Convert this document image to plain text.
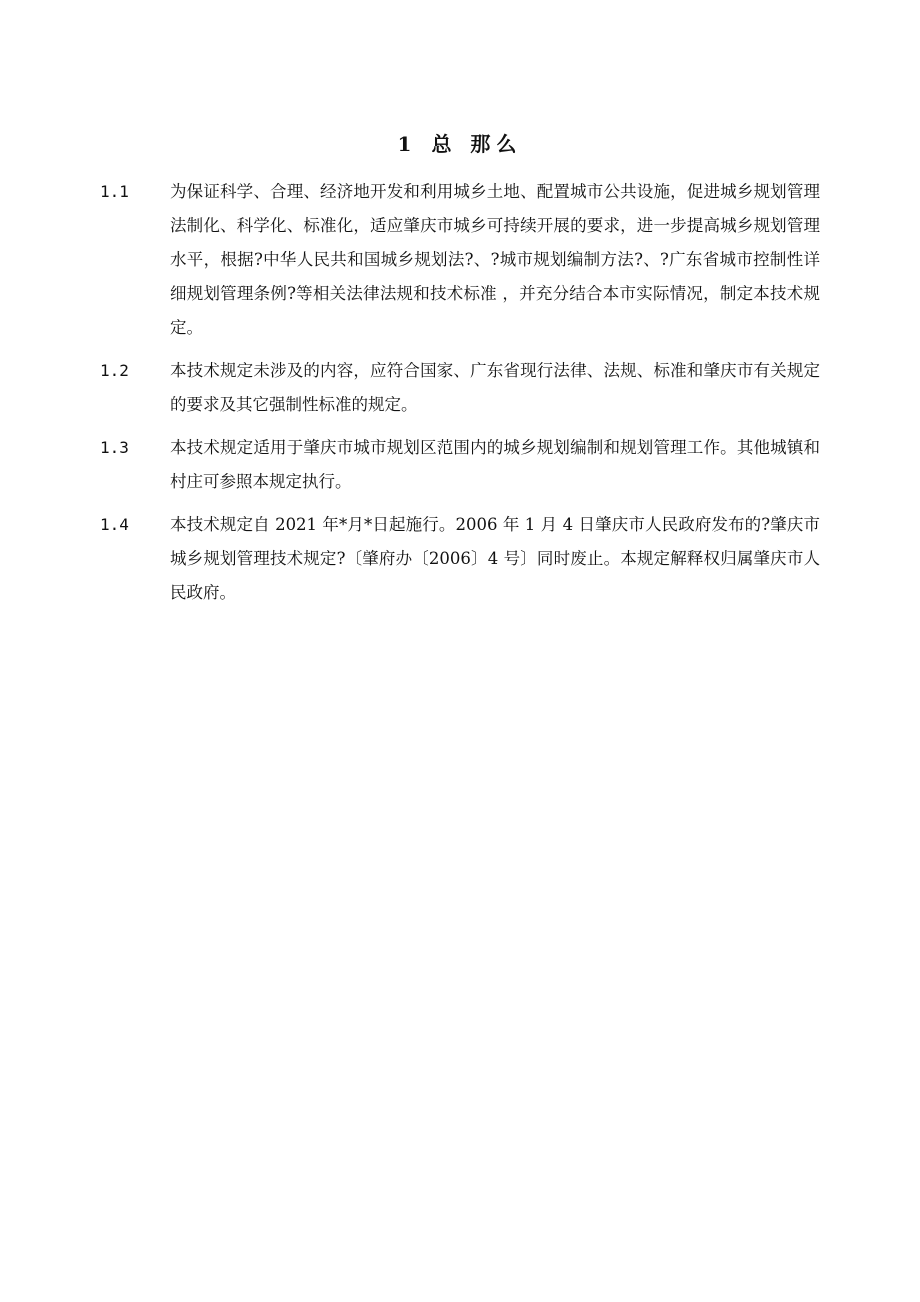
1 总 那么
1.1	为保证科学、合理、经济地开发和利用城乡土地、配置城市公共设施，促进城乡规划管理法制化、科学化、标准化，适应肇庆市城乡可持续开展的要求，进一步提高城乡规划管理水平，根据?中华人民共和国城乡规划法?、?城市规划编制方法?、?广东省城市控制性详细规划管理条例?等相关法律法规和技术标准 ，并充分结合本市实际情况，制定本技术规定。
1.2	本技术规定未涉及的内容，应符合国家、广东省现行法律、法规、标准和肇庆市有关规定的要求及其它强制性标准的规定。
1.3	本技术规定适用于肇庆市城市规划区范围内的城乡规划编制和规划管理工作。其他城镇和村庄可参照本规定执行。
1.4	本技术规定自 2021 年*月*日起施行。2006 年 1 月 4 日肇庆市人民政府发布的?肇庆市城乡规划管理技术规定?〔肇府办〔2006〕4 号〕同时废止。本规定解释权归属肇庆市人民政府。
